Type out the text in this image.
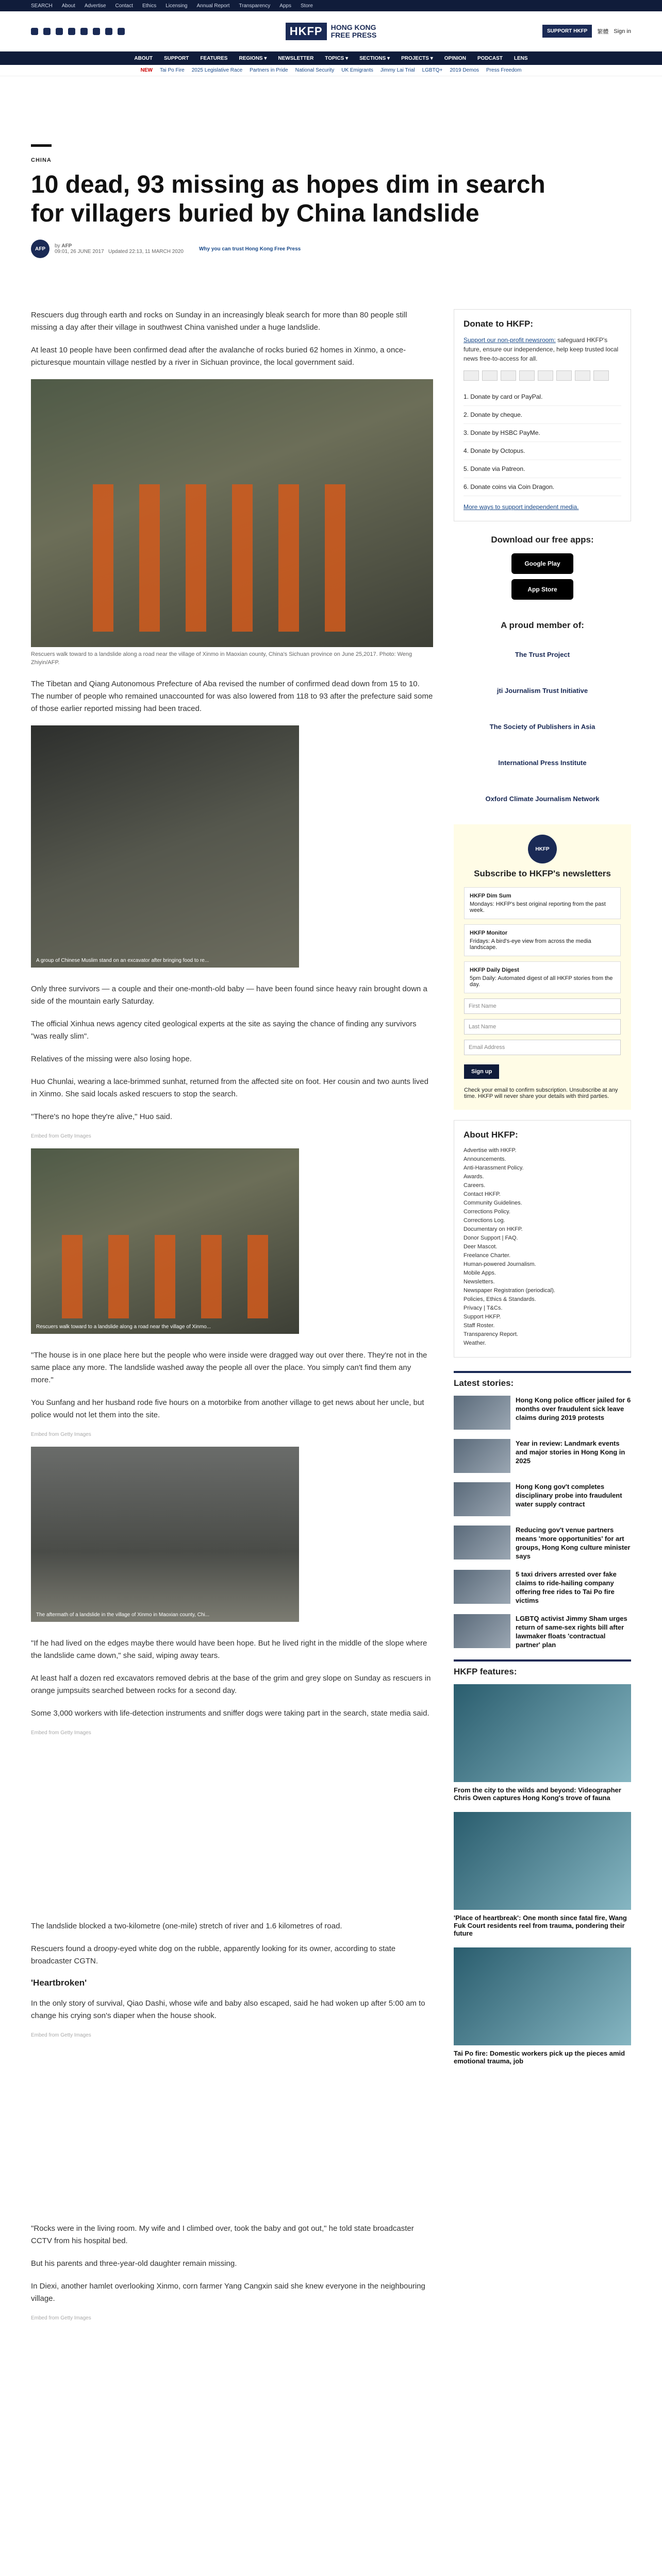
SEARCH About Advertise Contact Ethics Licensing Annual Report Transparency Apps Store
HKFP	HONG KONG
FREE PRESS	SUPPORT HKFP	繁體 Sign in
ABOUT SUPPORT FEATURES REGIONS ▾ NEWSLETTER TOPICS ▾ SECTIONS ▾ PROJECTS ▾ OPINION PODCAST LENS
NEW Tai Po Fire 2025 Legislative Race Partners in Pride National Security UK Emigrants Jimmy Lai Trial LGBTQ+ 2019 Demos Press Freedom
CHINA
10 dead, 93 missing as hopes dim in search for villagers buried by China landslide
AFP	by AFP
09:01, 26 JUNE 2017 Updated 22:13, 11 MARCH 2020	Why you can trust Hong Kong Free Press

Rescuers dug through earth and rocks on Sunday in an increasingly bleak search for more than 80 people still missing a day after their village in southwest China vanished under a huge landslide.

At least 10 people have been confirmed dead after the avalanche of rocks buried 62 homes in Xinmo, a once-picturesque mountain village nestled by a river in Sichuan province, the local government said.

Rescuers walk toward to a landslide along a road near the village of Xinmo in Maoxian county, China's Sichuan province on June 25,2017. Photo: Weng Zhiyin/AFP.

The Tibetan and Qiang Autonomous Prefecture of Aba revised the number of confirmed dead down from 15 to 10. The number of people who remained unaccounted for was also lowered from 118 to 93 after the prefecture said some of those earlier reported missing had been traced.

A group of Chinese Muslim stand on an excavator after bringing food to re...

Only three survivors — a couple and their one-month-old baby — have been found since heavy rain brought down a side of the mountain early Saturday.

The official Xinhua news agency cited geological experts at the site as saying the chance of finding any survivors "was really slim".

Relatives of the missing were also losing hope.

Huo Chunlai, wearing a lace-brimmed sunhat, returned from the affected site on foot. Her cousin and two aunts lived in Xinmo. She said locals asked rescuers to stop the search.

"There's no hope they're alive," Huo said.

Embed from Getty Images
Rescuers walk toward to a landslide along a road near the village of Xinmo...

"The house is in one place here but the people who were inside were dragged way out over there. They're not in the same place any more. The landslide washed away the people all over the place. You simply can't find them any more."

You Sunfang and her husband rode five hours on a motorbike from another village to get news about her uncle, but police would not let them into the site.

Embed from Getty Images
The aftermath of a landslide in the village of Xinmo in Maoxian county, Chi...

"If he had lived on the edges maybe there would have been hope. But he lived right in the middle of the slope where the landslide came down," she said, wiping away tears.

At least half a dozen red excavators removed debris at the base of the grim and grey slope on Sunday as rescuers in orange jumpsuits searched between rocks for a second day.

Some 3,000 workers with life-detection instruments and sniffer dogs were taking part in the search, state media said.

Embed from Getty Images

The landslide blocked a two-kilometre (one-mile) stretch of river and 1.6 kilometres of road.

Rescuers found a droopy-eyed white dog on the rubble, apparently looking for its owner, according to state broadcaster CGTN.

'Heartbroken'

In the only story of survival, Qiao Dashi, whose wife and baby also escaped, said he had woken up after 5:00 am to change his crying son's diaper when the house shook.

Embed from Getty Images

"Rocks were in the living room. My wife and I climbed over, took the baby and got out," he told state broadcaster CCTV from his hospital bed.

But his parents and three-year-old daughter remain missing.

In Diexi, another hamlet overlooking Xinmo, corn farmer Yang Cangxin said she knew everyone in the neighbouring village.

Embed from Getty Images
Donate to HKFP:
Support our non-profit newsroom: safeguard HKFP's future, ensure our independence, help keep trusted local news free-to-access for all.
1. Donate by card or PayPal.
2. Donate by cheque.
3. Donate by HSBC PayMe.
4. Donate by Octopus.
5. Donate via Patreon.
6. Donate coins via Coin Dragon.
More ways to support independent media.
Download our free apps:
Google Play
App Store
A proud member of:
The Trust Project
jti Journalism Trust Initiative
The Society of Publishers in Asia
International Press Institute
Oxford Climate Journalism Network
HKFP
Subscribe to HKFP's newsletters
HKFP Dim Sum
Mondays: HKFP's best original reporting from the past week.
HKFP Monitor
Fridays: A bird's-eye view from across the media landscape.
HKFP Daily Digest
5pm Daily: Automated digest of all HKFP stories from the day.
First Name
Last Name
Email Address
Sign up
Check your email to confirm subscription. Unsubscribe at any time. HKFP will never share your details with third parties.
About HKFP:
Advertise with HKFP.
Announcements.
Anti-Harassment Policy.
Awards.
Careers.
Contact HKFP.
Community Guidelines.
Corrections Policy.
Corrections Log.
Documentary on HKFP.
Donor Support | FAQ.
Deer Mascot.
Freelance Charter.
Human-powered Journalism.
Mobile Apps.
Newsletters.
Newspaper Registration (periodical).
Policies, Ethics & Standards.
Privacy | T&Cs.
Support HKFP.
Staff Roster.
Transparency Report.
Weather.
Latest stories:
Hong Kong police officer jailed for 6 months over fraudulent sick leave claims during 2019 protests
Year in review: Landmark events and major stories in Hong Kong in 2025
Hong Kong gov't completes disciplinary probe into fraudulent water supply contract
Reducing gov't venue partners means 'more opportunities' for art groups, Hong Kong culture minister says
5 taxi drivers arrested over fake claims to ride-hailing company offering free rides to Tai Po fire victims
LGBTQ activist Jimmy Sham urges return of same-sex rights bill after lawmaker floats 'contractual partner' plan
HKFP features:
From the city to the wilds and beyond: Videographer Chris Owen captures Hong Kong's trove of fauna
'Place of heartbreak': One month since fatal fire, Wang Fuk Court residents reel from trauma, pondering their future
Tai Po fire: Domestic workers pick up the pieces amid emotional trauma, job
